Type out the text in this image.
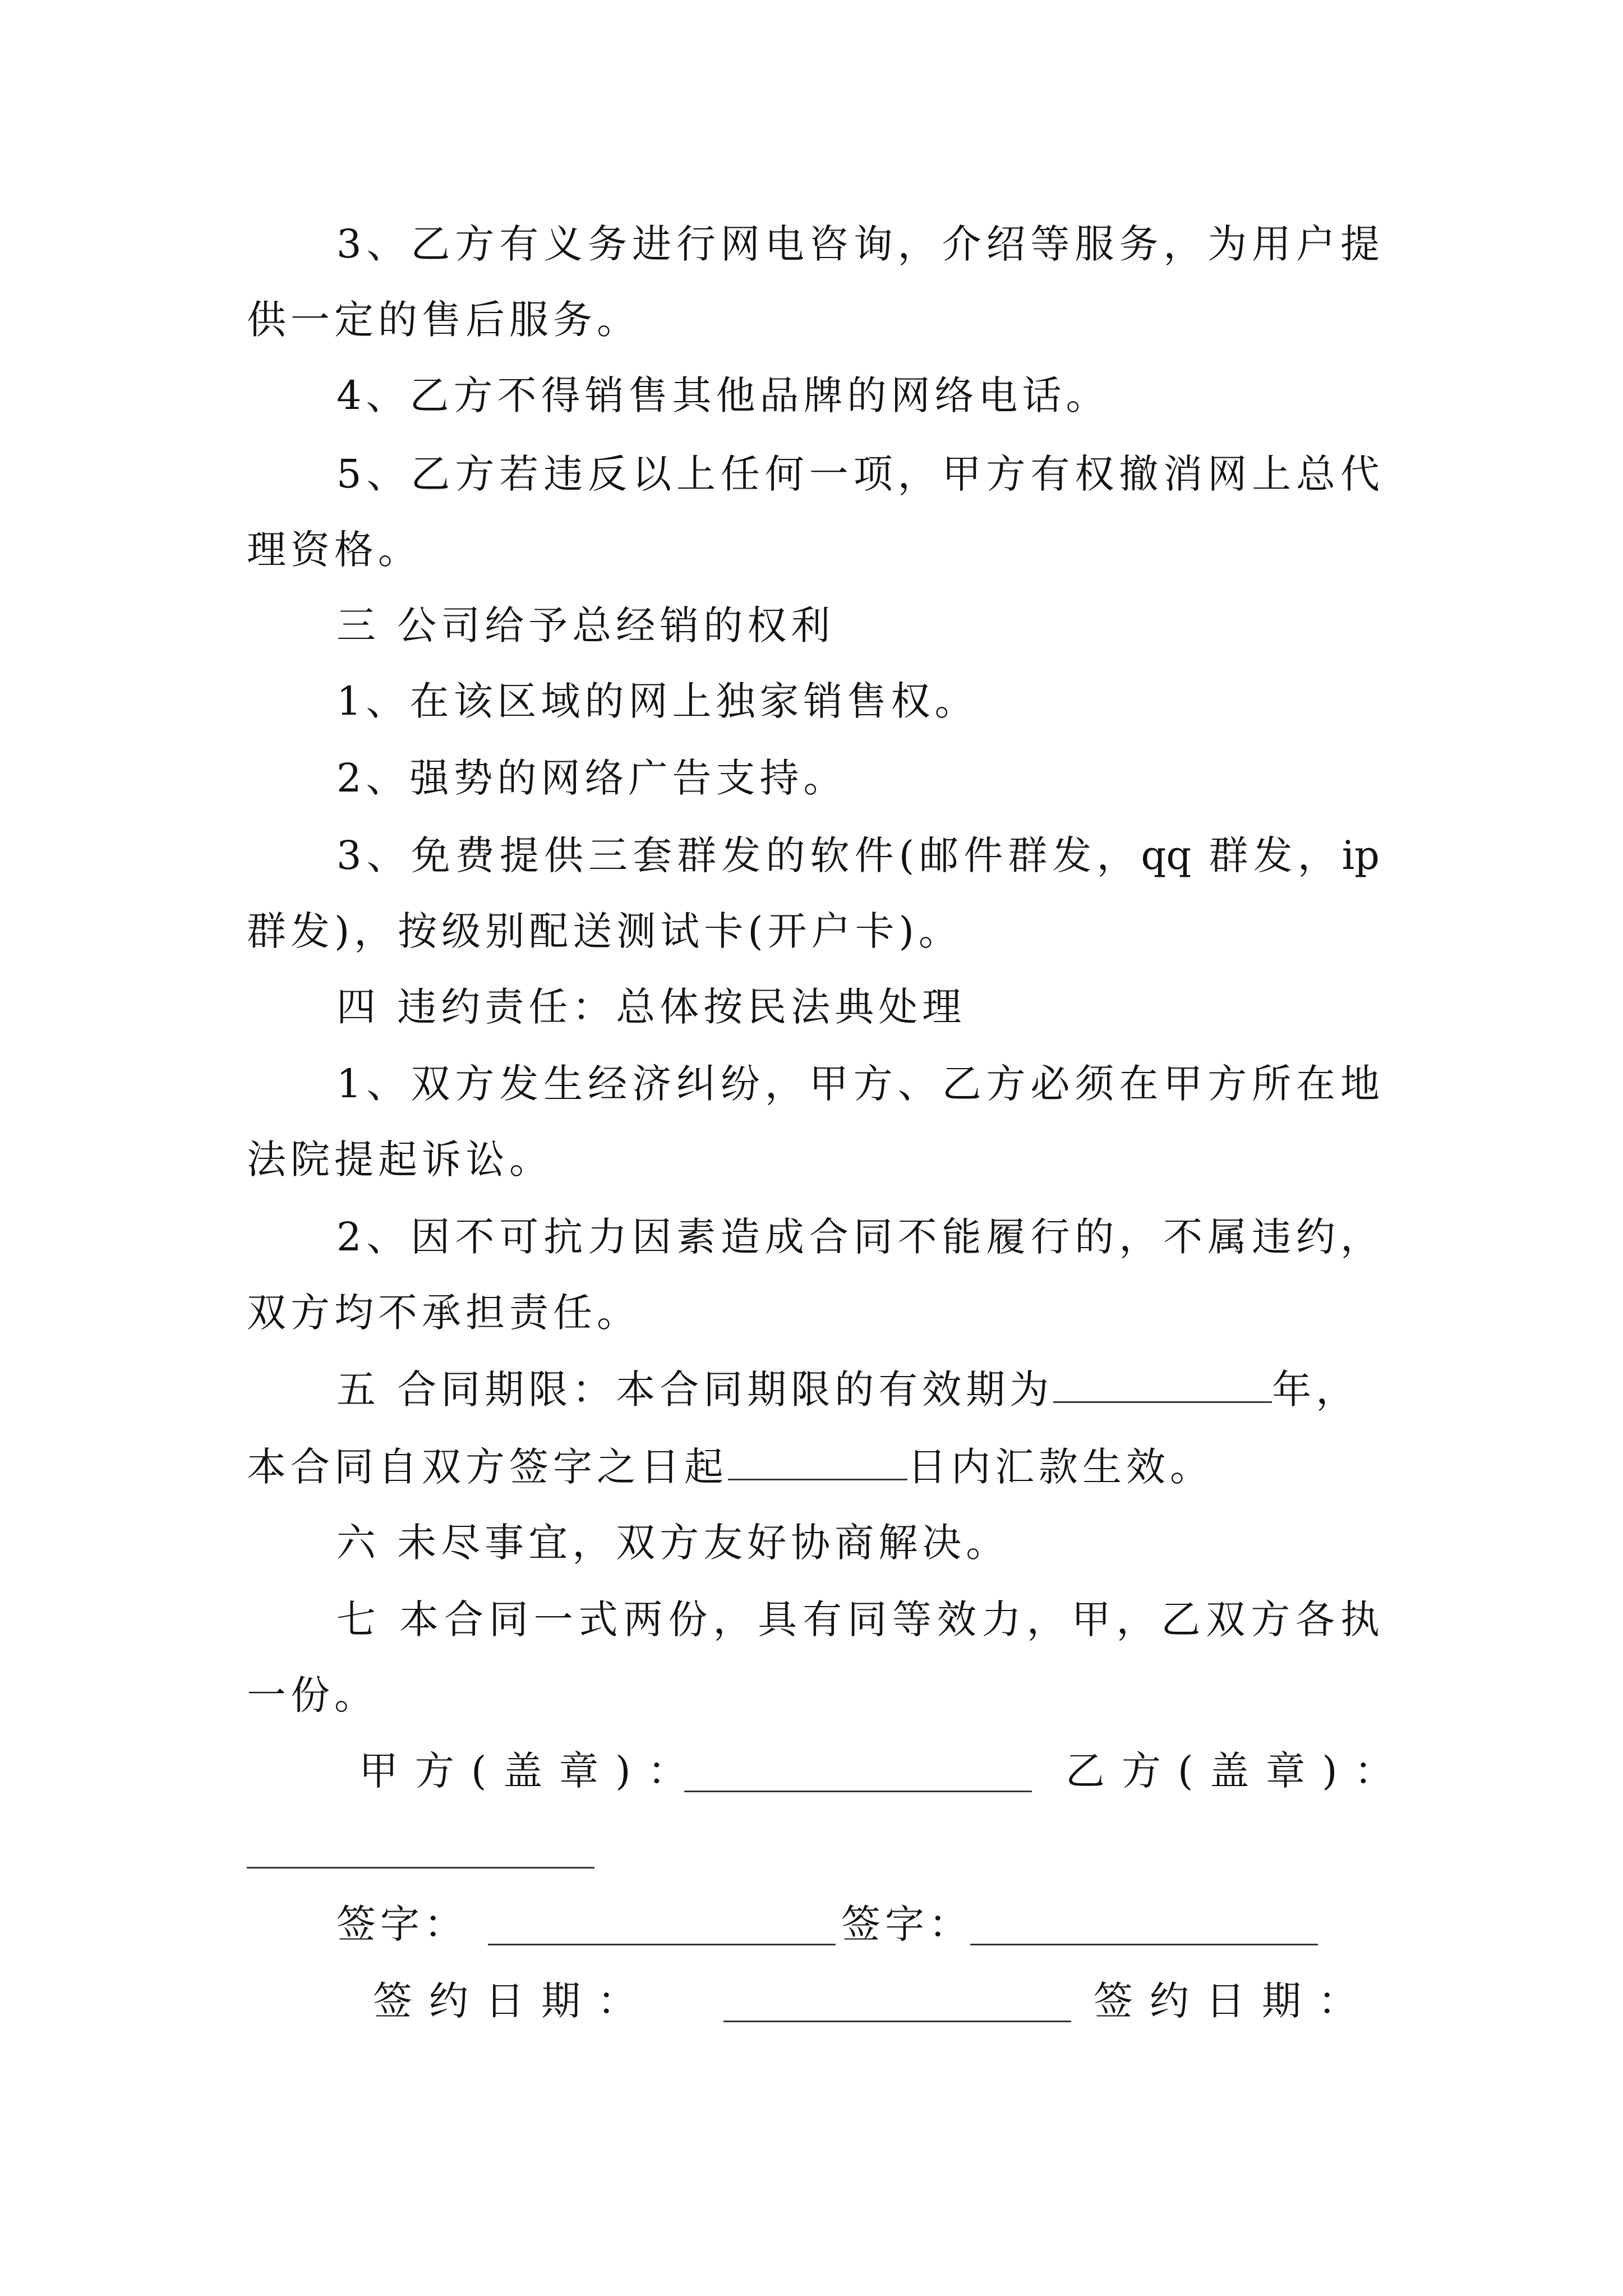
3、乙方有义务进行网电咨询，介绍等服务，为用户提
供一定的售后服务。
4、乙方不得销售其他品牌的网络电话。
5、乙方若违反以上任何一项，甲方有权撤消网上总代
理资格。
三 公司给予总经销的权利
1、在该区域的网上独家销售权。
2、强势的网络广告支持。
3、免费提供三套群发的软件(邮件群发，qq 群发，ip
群发)，按级别配送测试卡(开户卡)。
四 违约责任：总体按民法典处理
1、双方发生经济纠纷，甲方、乙方必须在甲方所在地
法院提起诉讼。
2、因不可抗力因素造成合同不能履行的，不属违约，
双方均不承担责任。
五 合同期限：本合同期限的有效期为	年，
本合同自双方签字之日起	日内汇款生效。
六 未尽事宜，双方友好协商解决。
七 本合同一式两份，具有同等效力，甲，乙双方各执
一份。
甲方(盖章)：	乙方(盖章)：
签字：	签字：
签约日期：	签约日期：
